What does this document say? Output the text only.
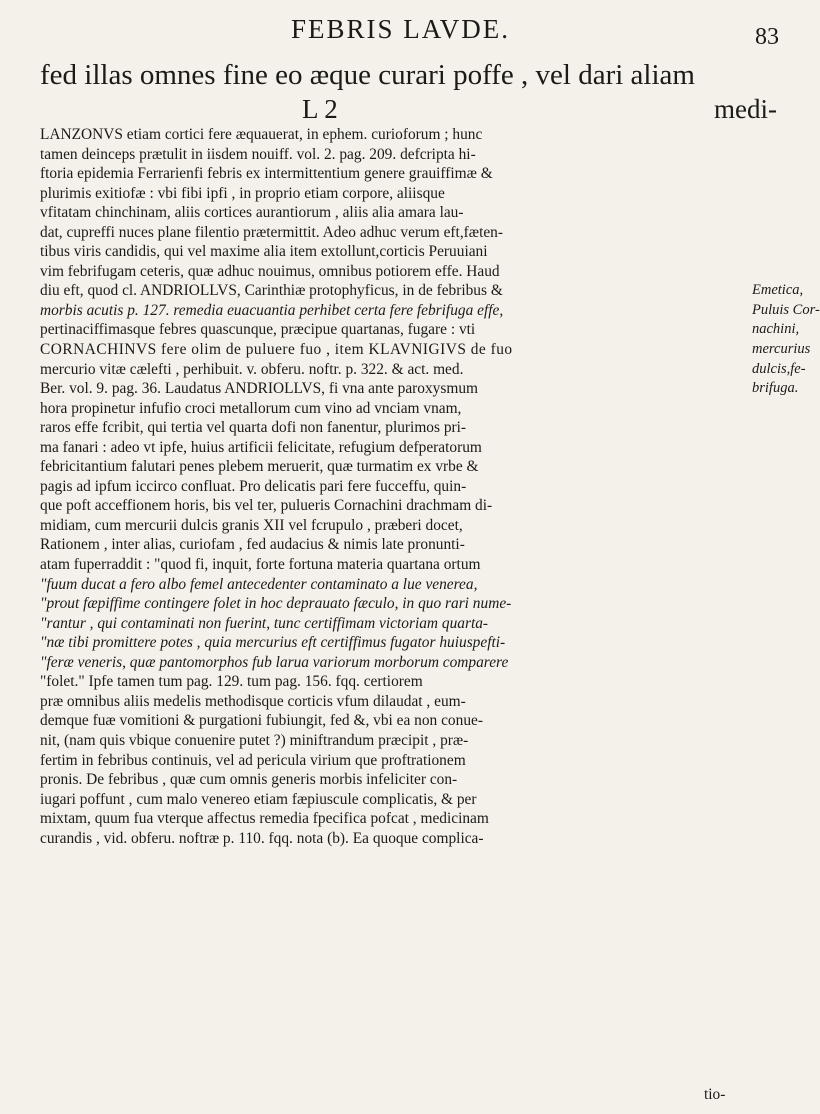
FEBRIS LAVDE.	83
fed illas omnes fine eo æque curari poffe , vel dari aliam
L 2	medi-
LANZONVS etiam cortici fere æquauerat, in ephem. curioforum ; hunc
tamen deinceps prætulit in iisdem nouiff. vol. 2. pag. 209. defcripta hi-
ftoria epidemia Ferrarienfi febris ex intermittentium genere grauiffimæ &
plurimis exitiofæ : vbi fibi ipfi , in proprio etiam corpore, aliisque
vfitatam chinchinam, aliis cortices aurantiorum , aliis alia amara lau-
dat, cupreffi nuces plane filentio prætermittit. Adeo adhuc verum eft,fæten-
tibus viris candidis, qui vel maxime alia item extollunt,corticis Peruuiani
vim febrifugam ceteris, quæ adhuc nouimus, omnibus potiorem effe. Haud
diu eft, quod cl. ANDRIOLLVS, Carinthiæ protophyficus, in de febribus &
morbis acutis p. 127. remedia euacuantia perhibet certa fere febrifuga effe,
pertinaciffimasque febres quascunque, præcipue quartanas, fugare : vti
CORNACHINVS fere olim de puluere fuo , item KLAVNIGIVS de fuo
mercurio vitæ cælefti , perhibuit. v. obferu. noftr. p. 322. & act. med.
Ber. vol. 9. pag. 36. Laudatus ANDRIOLLVS, fi vna ante paroxysmum
hora propinetur infufio croci metallorum cum vino ad vnciam vnam,
raros effe fcribit, qui tertia vel quarta dofi non fanentur, plurimos pri-
ma fanari : adeo vt ipfe, huius artificii felicitate, refugium defperatorum
febricitantium falutari penes plebem meruerit, quæ turmatim ex vrbe &
pagis ad ipfum iccirco confluat. Pro delicatis pari fere fucceffu, quin-
que poft acceffionem horis, bis vel ter, pulueris Cornachini drachmam di-
midiam, cum mercurii dulcis granis XII vel fcrupulo , præberi docet,
Rationem , inter alias, curiofam , fed audacius & nimis late pronunti-
atam fuperraddit : "quod fi, inquit, forte fortuna materia quartana ortum
"fuum ducat a fero albo femel antecedenter contaminato a lue venerea,
"prout fæpiffime contingere folet in hoc deprauato fæculo, in quo rari nume-
"rantur , qui contaminati non fuerint, tunc certiffimam victoriam quarta-
"næ tibi promittere potes , quia mercurius eft certiffimus fugator huiuspefti-
"feræ veneris, quæ pantomorphos fub larua variorum morborum comparere
"folet." Ipfe tamen tum pag. 129. tum pag. 156. fqq. certiorem
præ omnibus aliis medelis methodisque corticis vfum dilaudat , eum-
demque fuæ vomitioni & purgationi fubiungit, fed &, vbi ea non conue-
nit, (nam quis vbique conuenire putet ?) miniftrandum præcipit , præ-
fertim in febribus continuis, vel ad pericula virium que proftrationem
pronis. De febribus , quæ cum omnis generis morbis infeliciter con-
iugari poffunt , cum malo venereo etiam fæpiuscule complicatis, & per
mixtam, quum fua vterque affectus remedia fpecifica pofcat , medicinam
curandis , vid. obferu. noftræ p. 110. fqq. nota (b). Ea quoque complica-

Emetica,
Puluis Cor-
nachini,
mercurius
dulcis,fe-
brifuga.
tio-
